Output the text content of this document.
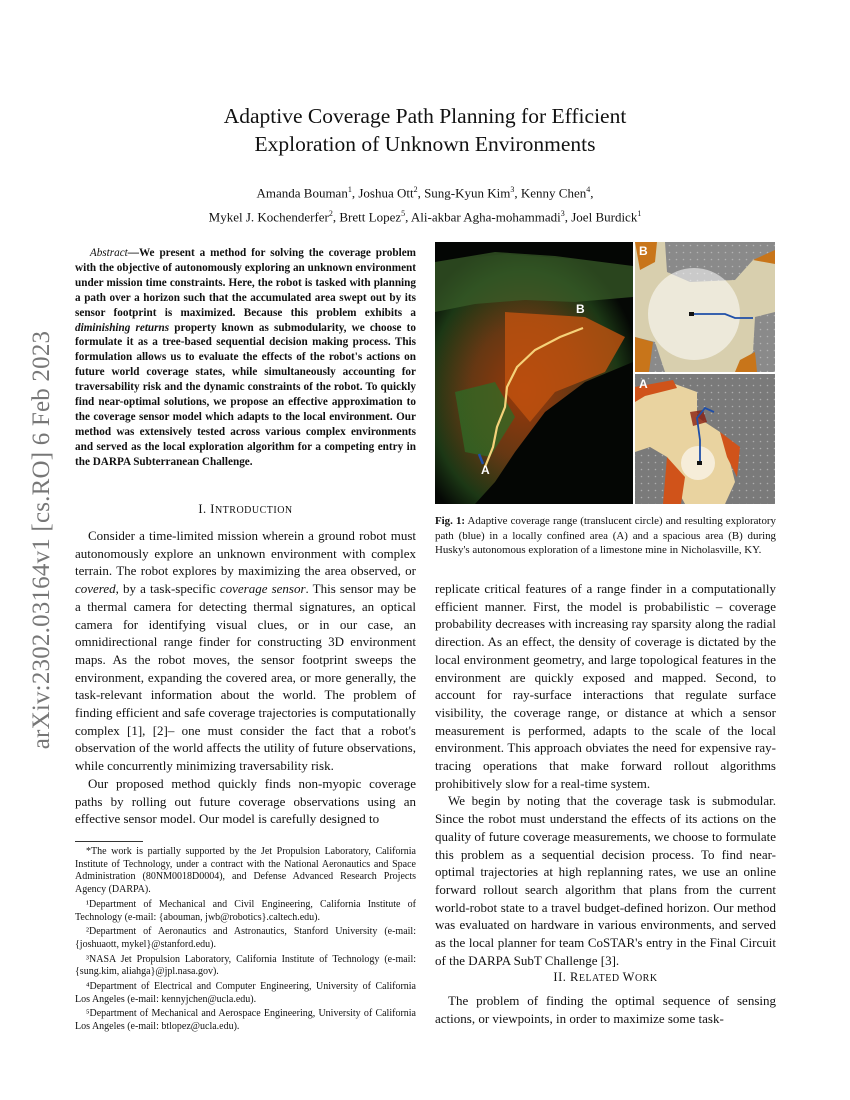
arXiv:2302.03164v1 [cs.RO] 6 Feb 2023
Adaptive Coverage Path Planning for Efficient
Exploration of Unknown Environments
Amanda Bouman$^1$, Joshua Ott$^2$, Sung-Kyun Kim$^3$, Kenny Chen$^4$,
Mykel J. Kochenderfer$^2$, Brett Lopez$^5$, Ali-akbar Agha-mohammadi$^3$, Joel Burdick$^1$
Abstract—We present a method for solving the coverage problem with the objective of autonomously exploring an unknown environment under mission time constraints. Here, the robot is tasked with planning a path over a horizon such that the accumulated area swept out by its sensor footprint is maximized. Because this problem exhibits a diminishing returns property known as submodularity, we choose to formulate it as a tree-based sequential decision making process. This formulation allows us to evaluate the effects of the robot's actions on future world coverage states, while simultaneously accounting for traversability risk and the dynamic constraints of the robot. To quickly find near-optimal solutions, we propose an effective approximation to the coverage sensor model which adapts to the local environment. Our method was extensively tested across various complex environments and served as the local exploration algorithm for a competing entry in the DARPA Subterranean Challenge.
I. INTRODUCTION

Consider a time-limited mission wherein a ground robot must autonomously explore an unknown environment with complex terrain. The robot explores by maximizing the area observed, or covered, by a task-specific coverage sensor. This sensor may be a thermal camera for detecting thermal signatures, an optical camera for identifying visual clues, or in our case, an omnidirectional range finder for constructing 3D environment maps. As the robot moves, the sensor footprint sweeps the environment, expanding the covered area, or more generally, the task-relevant information about the world. The problem of finding efficient and safe coverage trajectories is computationally complex [1], [2]– one must consider the fact that a robot's observation of the world affects the utility of future observations, while concurrently minimizing traversability risk.

Our proposed method quickly finds non-myopic coverage paths by rolling out future coverage observations using an effective sensor model. Our model is carefully designed to

*The work is partially supported by the Jet Propulsion Laboratory, California Institute of Technology, under a contract with the National Aeronautics and Space Administration (80NM0018D0004), and Defense Advanced Research Projects Agency (DARPA).

¹Department of Mechanical and Civil Engineering, California Institute of Technology (e-mail: {abouman, jwb@robotics}.caltech.edu).

²Department of Aeronautics and Astronautics, Stanford University (e-mail: {joshuaott, mykel}@stanford.edu).

³NASA Jet Propulsion Laboratory, California Institute of Technology (e-mail: {sung.kim, aliahga}@jpl.nasa.gov).

⁴Department of Electrical and Computer Engineering, University of California Los Angeles (e-mail: kennyjchen@ucla.edu).

⁵Department of Mechanical and Aerospace Engineering, University of California Los Angeles (e-mail: btlopez@ucla.edu).

A
B
B
A
Fig. 1: Adaptive coverage range (translucent circle) and resulting exploratory path (blue) in a locally confined area (A) and a spacious area (B) during Husky's autonomous exploration of a limestone mine in Nicholasville, KY.

replicate critical features of a range finder in a computationally efficient manner. First, the model is probabilistic – coverage probability decreases with increasing ray sparsity along the radial direction. As an effect, the density of coverage is dictated by the local environment geometry, and large topological features in the environment are quickly exposed and mapped. Second, to account for ray-surface interactions that regulate surface visibility, the coverage range, or distance at which a sensor measurement is performed, adapts to the scale of the local environment. This approach obviates the need for expensive ray-tracing operations that make forward rollout algorithms prohibitively slow for a real-time system.

We begin by noting that the coverage task is submodular. Since the robot must understand the effects of its actions on the quality of future coverage measurements, we choose to formulate this problem as a sequential decision process. To find near-optimal trajectories at high replanning rates, we use an online forward rollout search algorithm that plans from the current world-robot state to a travel budget-defined horizon. Our method was evaluated on hardware in various environments, and served as the local planner for team CoSTAR's entry in the Final Circuit of the DARPA SubT Challenge [3].

II. RELATED WORK

The problem of finding the optimal sequence of sensing actions, or viewpoints, in order to maximize some task-
